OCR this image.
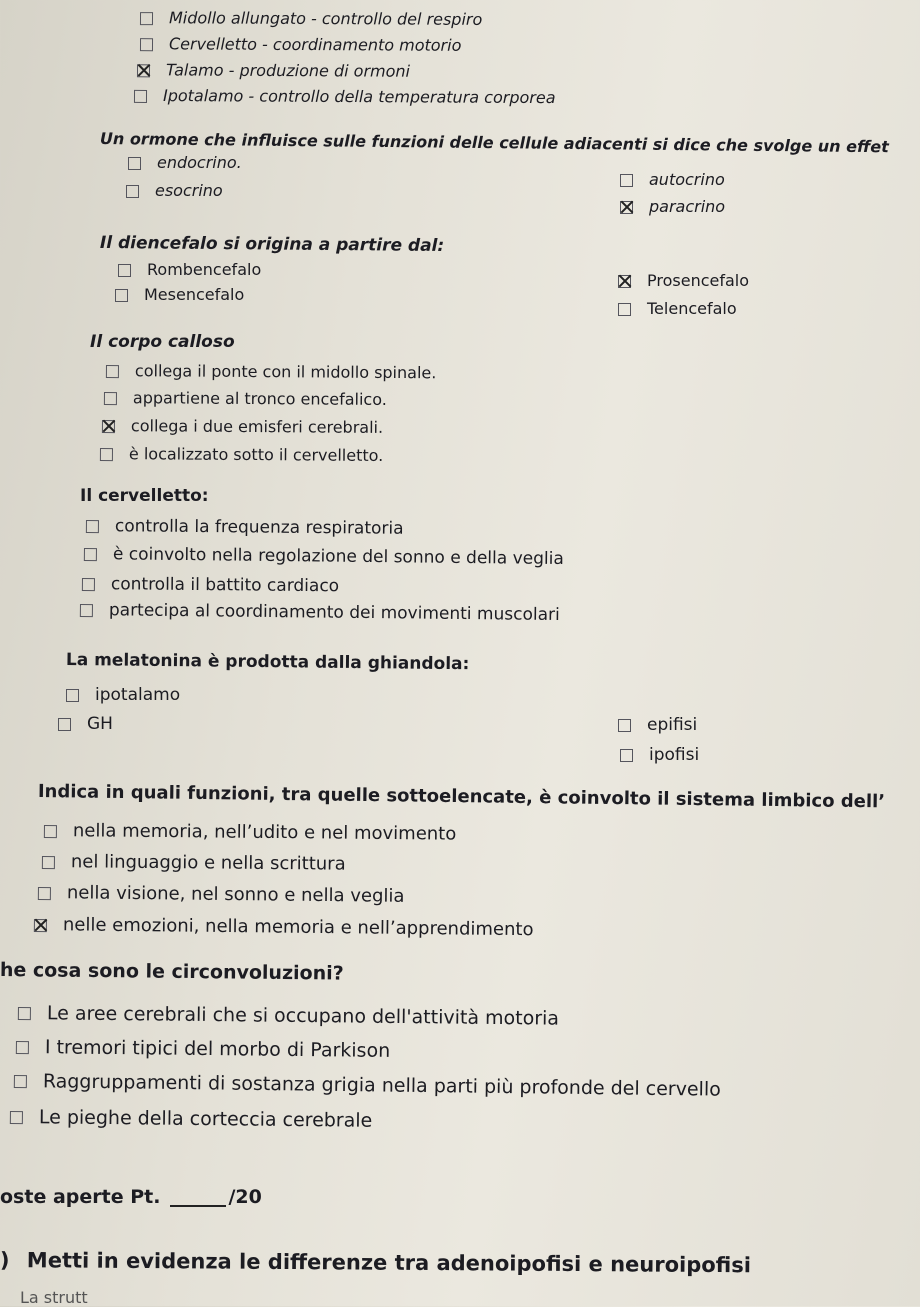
Midollo allungato - controllo del respiro
Cervelletto - coordinamento motorio
Talamo - produzione di ormoni
Ipotalamo - controllo della temperatura corporea
Un ormone che influisce sulle funzioni delle cellule adiacenti si dice che svolge un effet
endocrino.
autocrino
esocrino
paracrino
Il diencefalo si origina a partire dal:
Rombencefalo
Prosencefalo
Mesencefalo
Telencefalo
Il corpo calloso
collega il ponte con il midollo spinale.
appartiene al tronco encefalico.
collega i due emisferi cerebrali.
è localizzato sotto il cervelletto.
Il cervelletto:
controlla la frequenza respiratoria
è coinvolto nella regolazione del sonno e della veglia
controlla il battito cardiaco
partecipa al coordinamento dei movimenti muscolari
La melatonina è prodotta dalla ghiandola:
ipotalamo
GH	epifisi
ipofisi
Indica in quali funzioni, tra quelle sottoelencate, è coinvolto il sistema limbico dell’
nella memoria, nell’udito e nel movimento
nel linguaggio e nella scrittura
nella visione, nel sonno e nella veglia
nelle emozioni, nella memoria e nell’apprendimento
he cosa sono le circonvoluzioni?
Le aree cerebrali che si occupano dell'attività motoria
I tremori tipici del morbo di Parkison
Raggruppamenti di sostanza grigia nella parti più profonde del cervello
Le pieghe della corteccia cerebrale
oste aperte Pt.	/20
) Metti in evidenza le differenze tra adenoipofisi e neuroipofisi
La strutt
